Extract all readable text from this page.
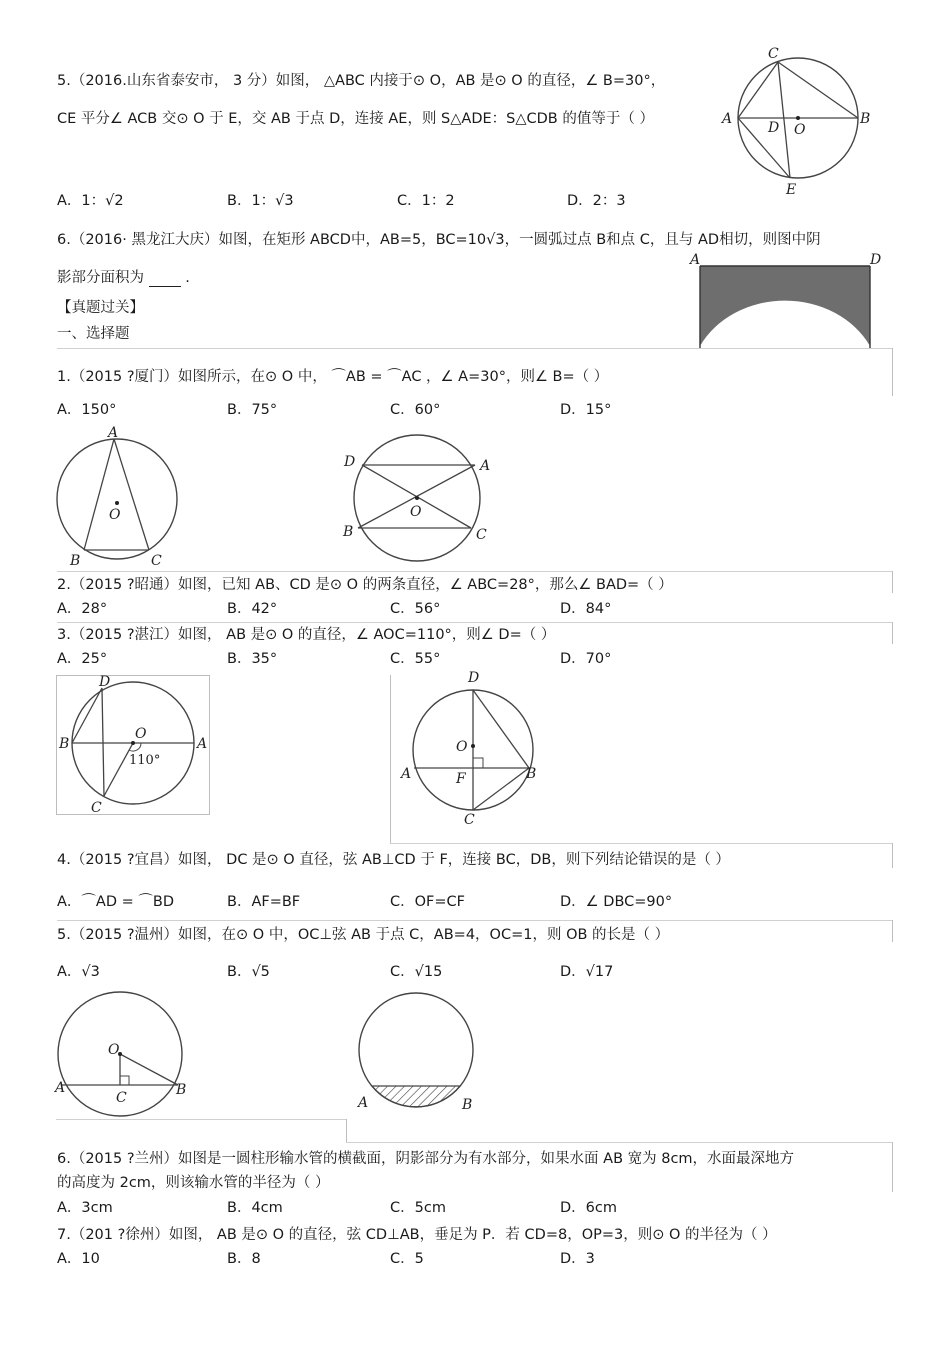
5.（2016.山东省泰安市， 3 分）如图， △ABC 内接于⊙ O，AB 是⊙ O 的直径，∠ B=30°，
CE 平分∠ ACB 交⊙ O 于 E，交 AB 于点 D，连接 AE，则 S△ADE：S△CDB 的值等于（ ）
A．1：√2	B．1：√3	C．1：2	D．2：3
C
A	B
D O
E
6.（2016· 黑龙江大庆）如图，在矩形 ABCD中，AB=5，BC=10√3，一圆弧过点 B和点 C，且与 AD相切，则图中阴
影部分面积为	.
A	D
【真题过关】
一、选择题
1.（2015 ?厦门）如图所示，在⊙ O 中， ⌒AB = ⌒AC ，∠ A=30°，则∠ B=（ ）
A．150°	B．75°	C．60°	D．15°
A
O
B	C
D	A
O
B	C
2.（2015 ?昭通）如图，已知 AB、CD 是⊙ O 的两条直径，∠ ABC=28°，那么∠ BAD=（ ）
A．28°	B．42°	C．56°	D．84°
3.（2015 ?湛江）如图， AB 是⊙ O 的直径，∠ AOC=110°，则∠ D=（ ）
A．25°	B．35°	C．55°	D．70°
D
B
O
A
110°
C
D
O
A	F	B
C
4.（2015 ?宜昌）如图， DC 是⊙ O 直径，弦 AB⊥CD 于 F，连接 BC，DB，则下列结论错误的是（ ）
A．⌒AD = ⌒BD	B．AF=BF	C．OF=CF	D．∠ DBC=90°
5.（2015 ?温州）如图，在⊙ O 中，OC⊥弦 AB 于点 C，AB=4，OC=1，则 OB 的长是（ ）
A．√3	B．√5	C．√15	D．√17
O
A
C	B
A	B
6.（2015 ?兰州）如图是一圆柱形输水管的横截面，阴影部分为有水部分，如果水面 AB 宽为 8cm，水面最深地方
的高度为 2cm，则该输水管的半径为（ ）
A．3cm	B．4cm	C．5cm	D．6cm
7.（201 ?徐州）如图， AB 是⊙ O 的直径，弦 CD⊥AB，垂足为 P．若 CD=8，OP=3，则⊙ O 的半径为（ ）
A．10	B．8	C．5	D．3
